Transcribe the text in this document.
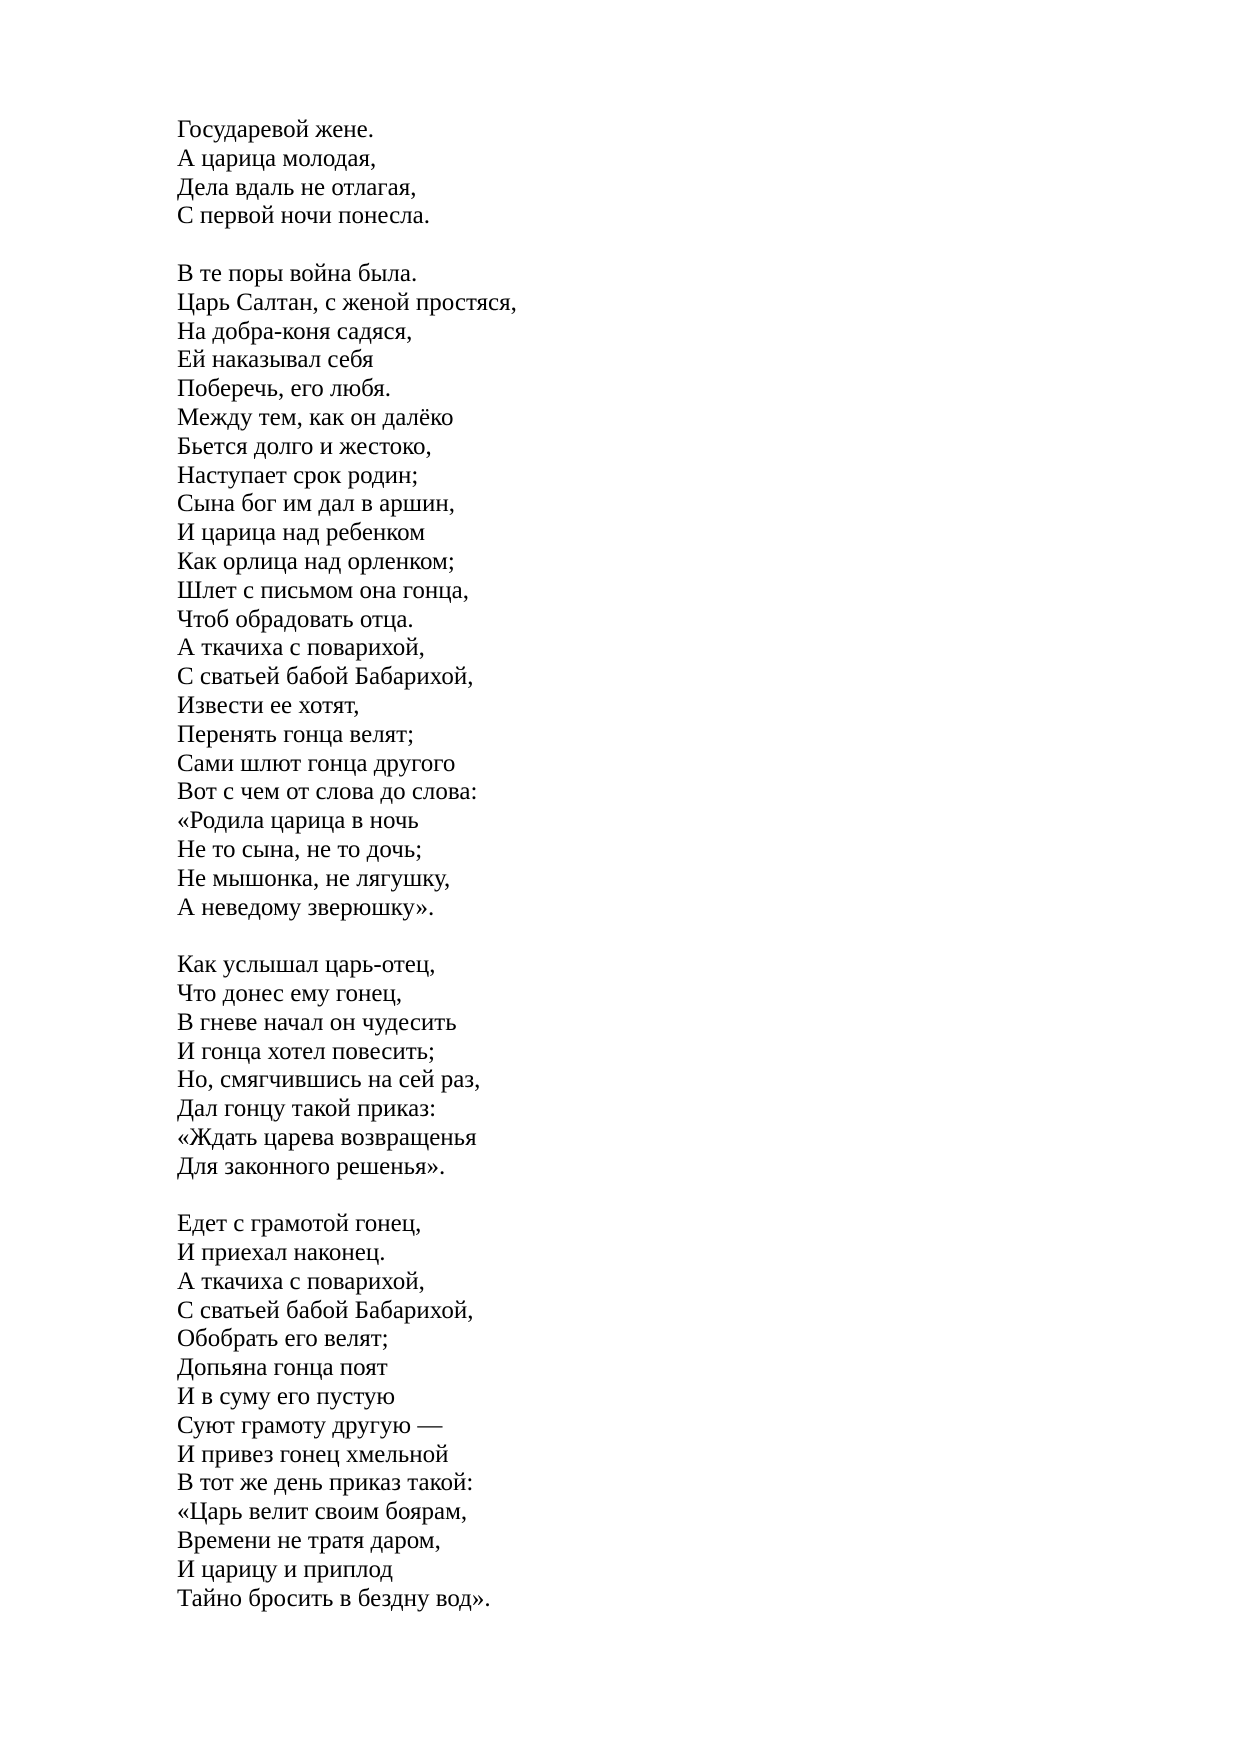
Государевой жене.
А царица молодая,
Дела вдаль не отлагая,
С первой ночи понесла.
В те поры война была.
Царь Салтан, с женой простяся,
На добра-коня садяся,
Ей наказывал себя
Поберечь, его любя.
Между тем, как он далёко
Бьется долго и жестоко,
Наступает срок родин;
Сына бог им дал в аршин,
И царица над ребенком
Как орлица над орленком;
Шлет с письмом она гонца,
Чтоб обрадовать отца.
А ткачиха с поварихой,
С сватьей бабой Бабарихой,
Извести ее хотят,
Перенять гонца велят;
Сами шлют гонца другого
Вот с чем от слова до слова:
«Родила царица в ночь
Не то сына, не то дочь;
Не мышонка, не лягушку,
А неведому зверюшку».
Как услышал царь-отец,
Что донес ему гонец,
В гневе начал он чудесить
И гонца хотел повесить;
Но, смягчившись на сей раз,
Дал гонцу такой приказ:
«Ждать царева возвращенья
Для законного решенья».
Едет с грамотой гонец,
И приехал наконец.
А ткачиха с поварихой,
С сватьей бабой Бабарихой,
Обобрать его велят;
Допьяна гонца поят
И в суму его пустую
Суют грамоту другую —
И привез гонец хмельной
В тот же день приказ такой:
«Царь велит своим боярам,
Времени не тратя даром,
И царицу и приплод
Тайно бросить в бездну вод».
